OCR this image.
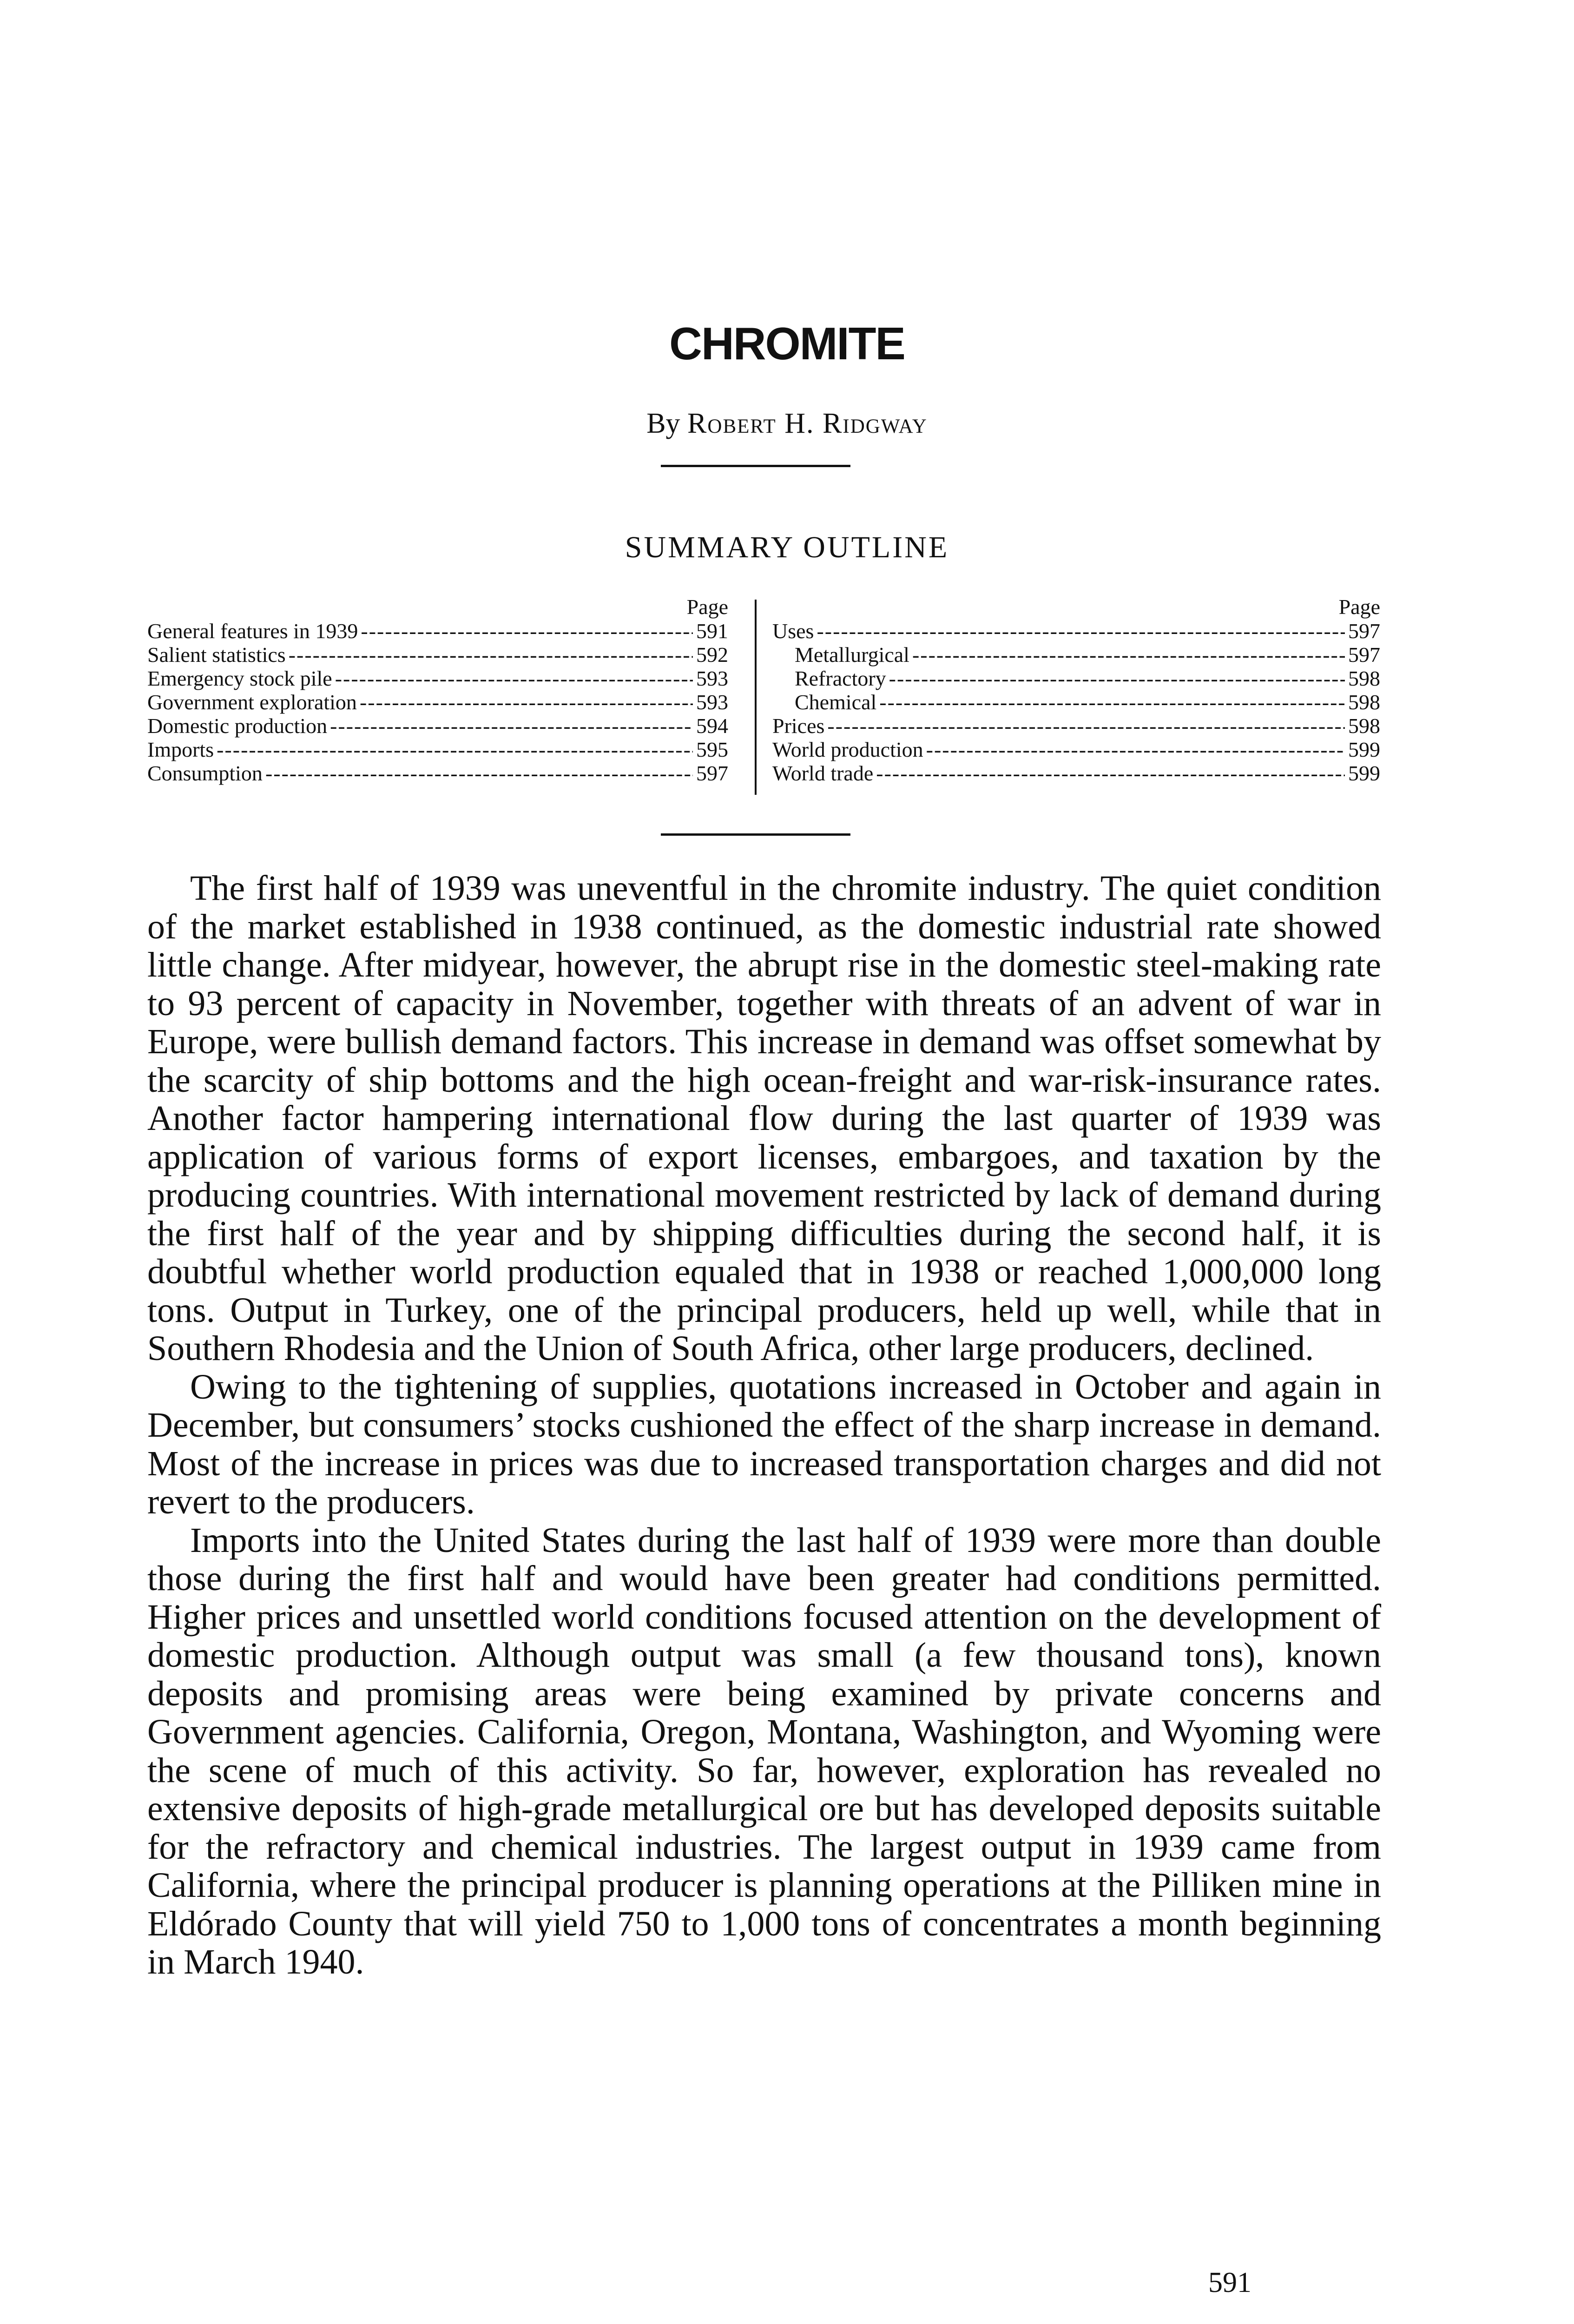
CHROMITE
By Robert H. Ridgway
SUMMARY OUTLINE
Page
General features in 1939 -----	591
Salient statistics -----	592
Emergency stock pile -----	593
Government exploration -----	593
Domestic production -----	594
Imports -----	595
Consumption -----	597
Page
Uses -----	597
Metallurgical -----	597
Refractory -----	598
Chemical -----	598
Prices -----	598
World production -----	599
World trade -----	599

The first half of 1939 was uneventful in the chromite industry. The quiet condition of the market established in 1938 continued, as the domestic industrial rate showed little change. After midyear, however, the abrupt rise in the domestic steel-making rate to 93 percent of capacity in November, together with threats of an advent of war in Europe, were bullish demand factors. This increase in demand was offset somewhat by the scarcity of ship bottoms and the high ocean-freight and war-risk-insurance rates. Another factor hampering international flow during the last quarter of 1939 was application of various forms of export licenses, embargoes, and taxation by the producing countries. With international movement restricted by lack of demand during the first half of the year and by shipping difficulties during the second half, it is doubtful whether world production equaled that in 1938 or reached 1,000,000 long tons. Output in Turkey, one of the principal producers, held up well, while that in Southern Rhodesia and the Union of South Africa, other large producers, declined.

Owing to the tightening of supplies, quotations increased in October and again in December, but consumers’ stocks cushioned the effect of the sharp increase in demand. Most of the increase in prices was due to increased transportation charges and did not revert to the producers.

Imports into the United States during the last half of 1939 were more than double those during the first half and would have been greater had conditions permitted. Higher prices and unsettled world conditions focused attention on the development of domestic production. Although output was small (a few thousand tons), known deposits and promising areas were being examined by private concerns and Government agencies. California, Oregon, Montana, Washington, and Wyoming were the scene of much of this activity. So far, however, exploration has revealed no extensive deposits of high-grade metallurgical ore but has developed deposits suitable for the refractory and chemical industries. The largest output in 1939 came from California, where the principal producer is planning operations at the Pilliken mine in Eldórado County that will yield 750 to 1,000 tons of concentrates a month beginning in March 1940.

591
